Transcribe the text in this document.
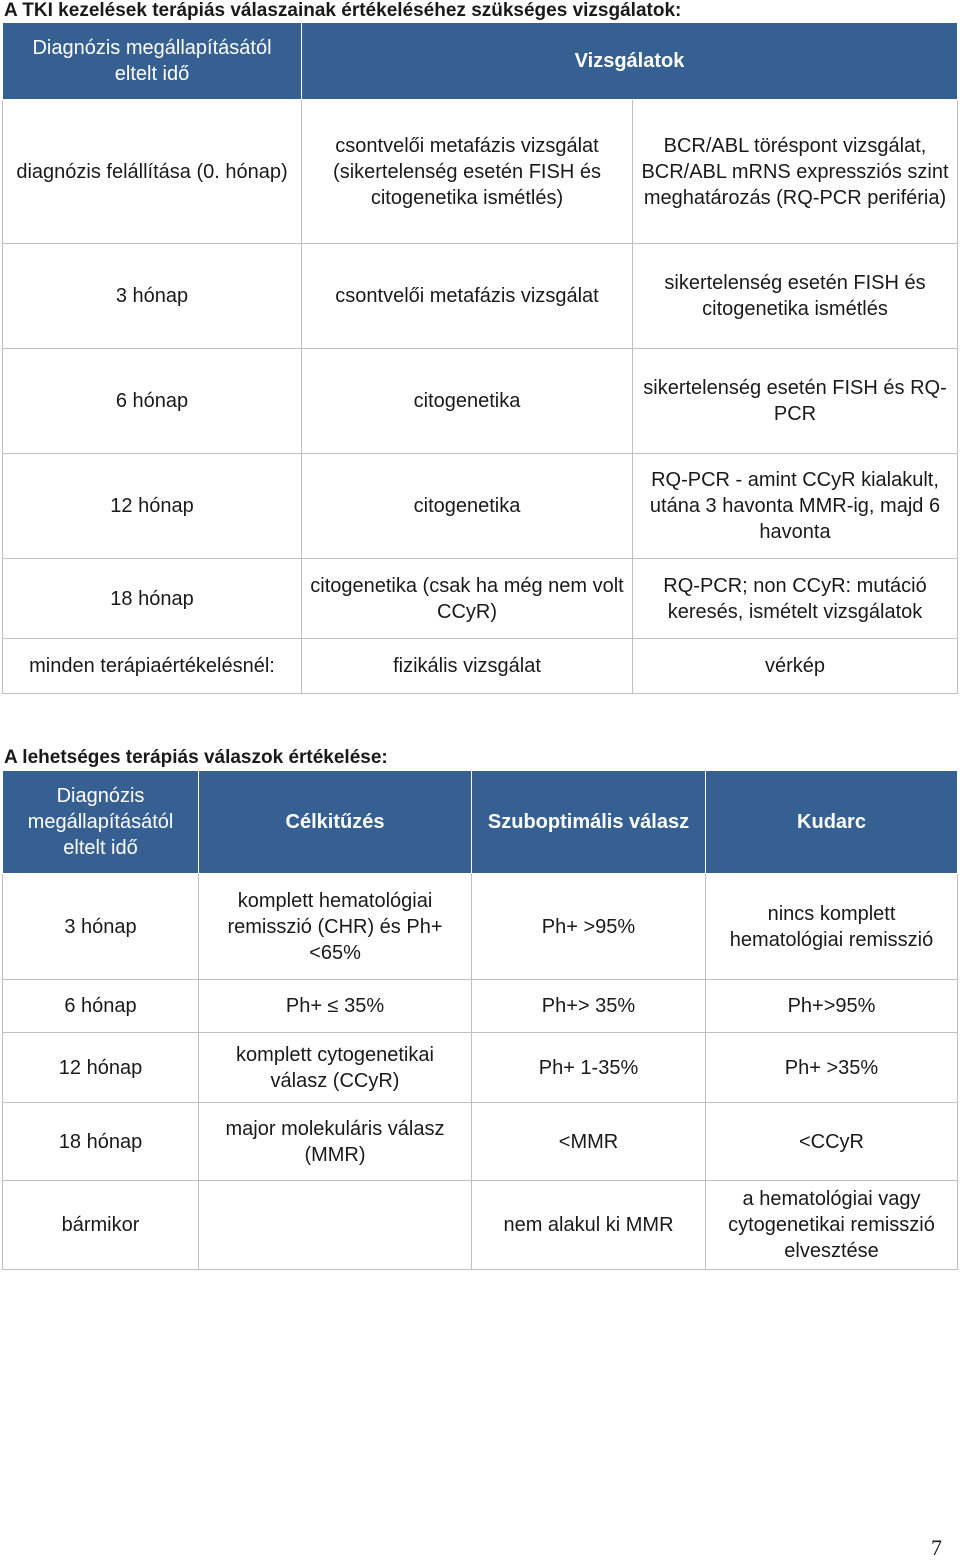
A TKI kezelések terápiás válaszainak értékeléséhez szükséges vizsgálatok:
Diagnózis megállapításától eltelt idő	Vizsgálatok	
diagnózis felállítása (0. hónap)	csontvelői metafázis vizsgálat (sikertelenség esetén FISH és citogenetika ismétlés)	BCR/ABL töréspont vizsgálat, BCR/ABL mRNS expressziós szint meghatározás (RQ-PCR periféria)
3 hónap	csontvelői metafázis vizsgálat	sikertelenség esetén FISH és citogenetika ismétlés
6 hónap	citogenetika	sikertelenség esetén FISH és RQ-PCR
12 hónap	citogenetika	RQ-PCR - amint CCyR kialakult, utána 3 havonta MMR-ig, majd 6 havonta
18 hónap	citogenetika (csak ha még nem volt CCyR)	RQ-PCR; non CCyR: mutáció keresés, ismételt vizsgálatok
minden terápiaértékelésnél:	fizikális vizsgálat	vérkép
A lehetséges terápiás válaszok értékelése:
Diagnózis megállapításától eltelt idő	Célkitűzés	Szuboptimális válasz	Kudarc
3 hónap	komplett hematológiai remisszió (CHR) és Ph+<65%	Ph+ >95%	nincs komplett hematológiai remisszió
6 hónap	Ph+ ≤ 35%	Ph+> 35%	Ph+>95%
12 hónap	komplett cytogenetikai válasz (CCyR)	Ph+ 1-35%	Ph+ >35%
18 hónap	major molekuláris válasz (MMR)	<MMR	<CCyR
bármikor		nem alakul ki MMR	a hematológiai vagy cytogenetikai remisszió elvesztése
7
